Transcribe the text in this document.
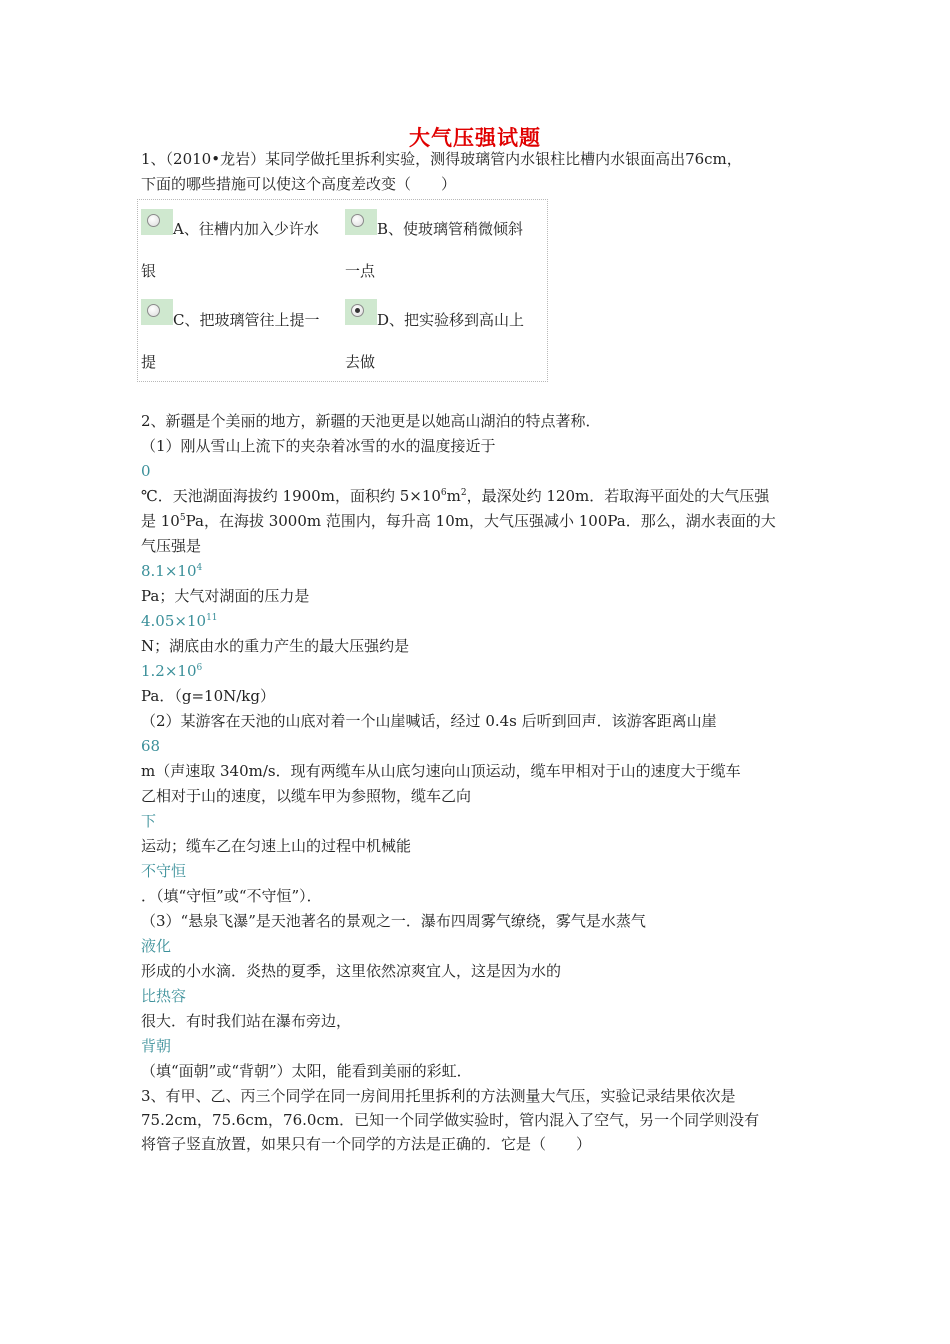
大气压强试题
1、（2010•龙岩）某同学做托里拆利实验，测得玻璃管内水银柱比槽内水银面高出76cm，
下面的哪些措施可以使这个高度差改变（　　）
A、往槽内加入少许水
银
B、使玻璃管稍微倾斜
一点
C、把玻璃管往上提一
提
D、把实验移到高山上
去做
2、新疆是个美丽的地方，新疆的天池更是以她高山湖泊的特点著称．
（1）刚从雪山上流下的夹杂着冰雪的水的温度接近于
0
℃．天池湖面海拔约 1900m，面积约 $5\times 10^6m^2$，最深处约 120m．若取海平面处的大气压强
是 $10^5Pa$，在海拔 3000m 范围内，每升高 10m，大气压强减小 100Pa．那么，湖水表面的大
气压强是
$8.1\times 10^4$
Pa；大气对湖面的压力是
$4.05\times 10^{11}$
N；湖底由水的重力产生的最大压强约是
$1.2\times 10^6$
Pa．（g=10N/kg）
（2）某游客在天池的山底对着一个山崖喊话，经过 0.4s 后听到回声．该游客距离山崖
68
m（声速取 340m/s．现有两缆车从山底匀速向山顶运动，缆车甲相对于山的速度大于缆车
乙相对于山的速度，以缆车甲为参照物，缆车乙向
下
运动；缆车乙在匀速上山的过程中机械能
不守恒
．（填“守恒”或“不守恒”）．
（3）“悬泉飞瀑”是天池著名的景观之一．瀑布四周雾气缭绕，雾气是水蒸气
液化
形成的小水滴．炎热的夏季，这里依然凉爽宜人，这是因为水的
比热容
很大．有时我们站在瀑布旁边，
背朝
（填“面朝”或“背朝”）太阳，能看到美丽的彩虹．
3、有甲、乙、丙三个同学在同一房间用托里拆利的方法测量大气压，实验记录结果依次是
75.2cm，75.6cm，76.0cm．已知一个同学做实验时，管内混入了空气，另一个同学则没有
将管子竖直放置，如果只有一个同学的方法是正确的．它是（　　）
